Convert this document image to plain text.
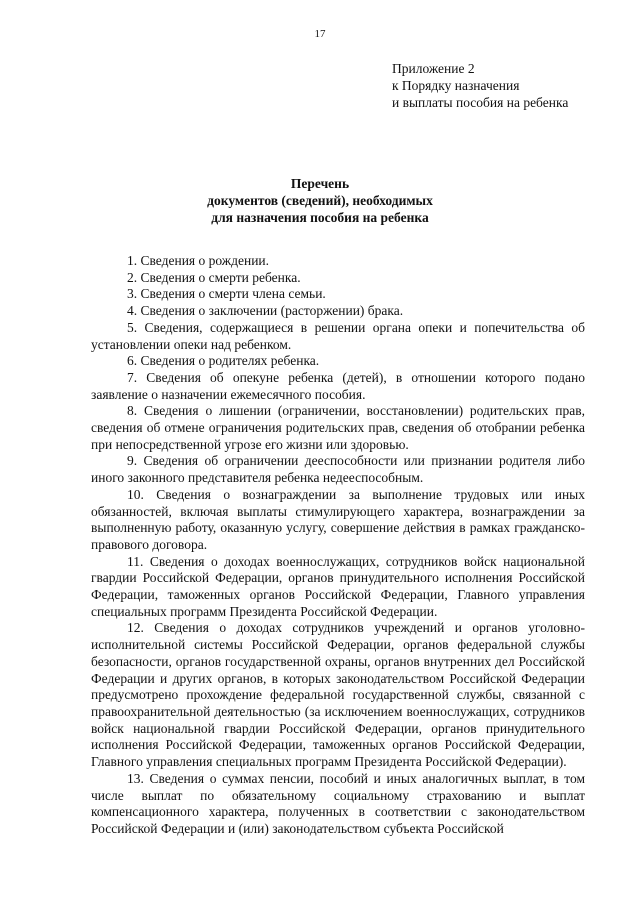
17
Приложение 2
к Порядку назначения
и выплаты пособия на ребенка
Перечень
документов (сведений), необходимых
для назначения пособия на ребенка

1. Сведения о рождении.

2. Сведения о смерти ребенка.

3. Сведения о смерти члена семьи.

4. Сведения о заключении (расторжении) брака.

5. Сведения, содержащиеся в решении органа опеки и попечительства об установлении опеки над ребенком.

6. Сведения о родителях ребенка.

7. Сведения об опекуне ребенка (детей), в отношении которого подано заявление о назначении ежемесячного пособия.

8. Сведения о лишении (ограничении, восстановлении) родительских прав, сведения об отмене ограничения родительских прав, сведения об отобрании ребенка при непосредственной угрозе его жизни или здоровью.

9. Сведения об ограничении дееспособности или признании родителя либо иного законного представителя ребенка недееспособным.

10. Сведения о вознаграждении за выполнение трудовых или иных обязанностей, включая выплаты стимулирующего характера, вознаграждении за выполненную работу, оказанную услугу, совершение действия в рамках гражданско-правового договора.

11. Сведения о доходах военнослужащих, сотрудников войск национальной гвардии Российской Федерации, органов принудительного исполнения Российской Федерации, таможенных органов Российской Федерации, Главного управления специальных программ Президента Российской Федерации.

12. Сведения о доходах сотрудников учреждений и органов уголовно-исполнительной системы Российской Федерации, органов федеральной службы безопасности, органов государственной охраны, органов внутренних дел Российской Федерации и других органов, в которых законодательством Российской Федерации предусмотрено прохождение федеральной государственной службы, связанной с правоохранительной деятельностью (за исключением военнослужащих, сотрудников войск национальной гвардии Российской Федерации, органов принудительного исполнения Российской Федерации, таможенных органов Российской Федерации, Главного управления специальных программ Президента Российской Федерации).

13. Сведения о суммах пенсии, пособий и иных аналогичных выплат, в том числе выплат по обязательному социальному страхованию и выплат компенсационного характера, полученных в соответствии с законодательством Российской Федерации и (или) законодательством субъекта Российской
